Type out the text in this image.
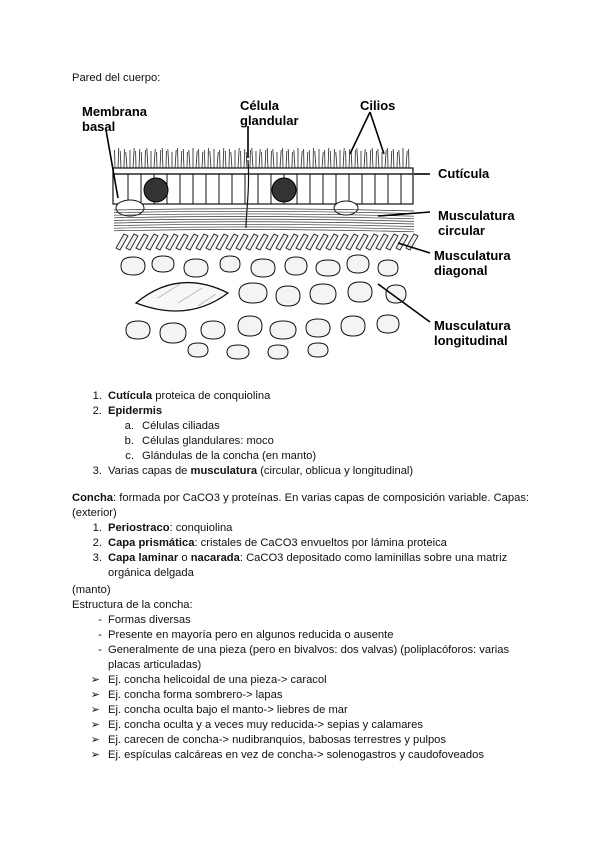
Pared del cuerpo:

Membrana
basal
Célula
glandular
Cilios
Cutícula
Musculatura
circular
Musculatura
diagonal
Musculatura
longitudinal
1. Cutícula proteica de conquiolina
2. Epidermis
a. Células ciliadas
b. Células glandulares: moco
c. Glándulas de la concha (en manto)
3. Varias capas de musculatura (circular, oblicua y longitudinal)

Concha: formada por CaCO3 y proteínas. En varias capas de composición variable. Capas:

(exterior)

1. Periostraco: conquiolina
2. Capa prismática: cristales de CaCO3 envueltos por lámina proteica
3. Capa laminar o nacarada: CaCO3 depositado como laminillas sobre una matriz
orgánica delgada

(manto)

Estructura de la concha:

- Formas diversas
- Presente en mayoría pero en algunos reducida o ausente
- Generalmente de una pieza (pero en bivalvos: dos valvas) (poliplacóforos: varias
placas articuladas)
➢ Ej. concha helicoidal de una pieza-> caracol
➢ Ej. concha forma sombrero-> lapas
➢ Ej. concha oculta bajo el manto-> liebres de mar
➢ Ej. concha oculta y a veces muy reducida-> sepias y calamares
➢ Ej. carecen de concha-> nudibranquios, babosas terrestres y pulpos
➢ Ej. espículas calcáreas en vez de concha-> solenogastros y caudofoveados
